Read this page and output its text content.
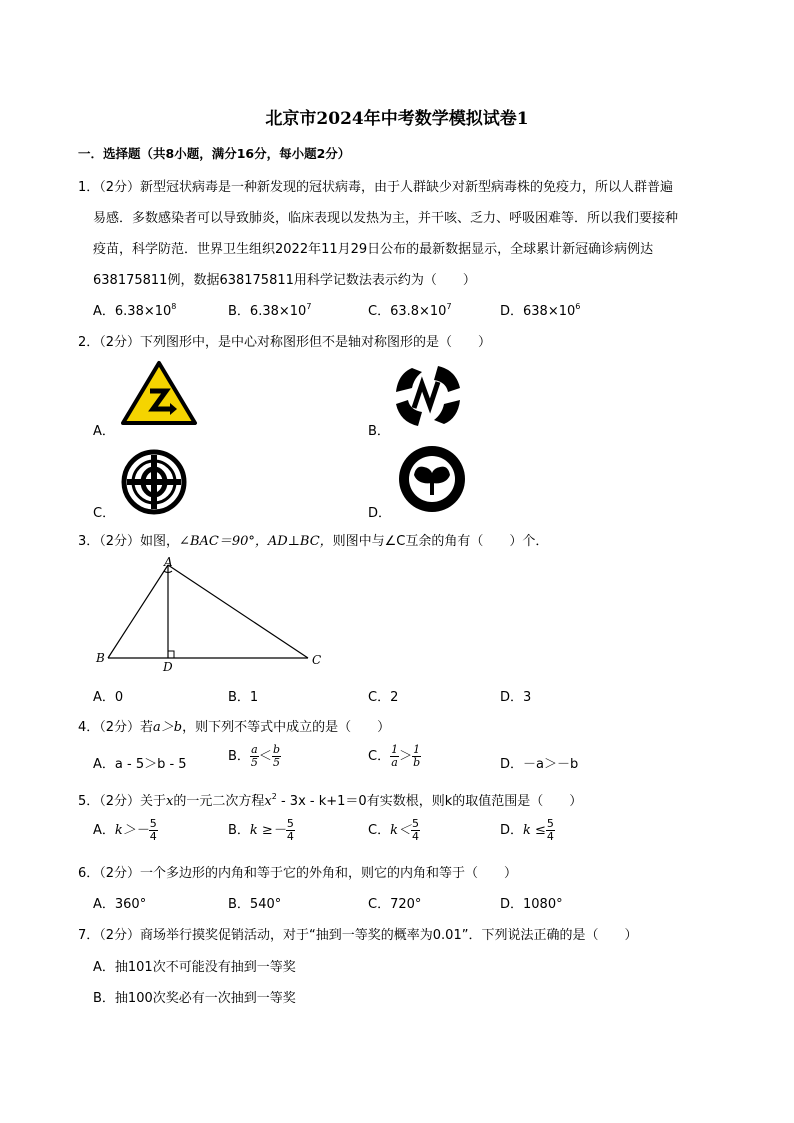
北京市2024年中考数学模拟试卷1
一．选择题（共8小题，满分16分，每小题2分）
1．（2分）新型冠状病毒是一种新发现的冠状病毒，由于人群缺少对新型病毒株的免疫力，所以人群普遍
易感．多数感染者可以导致肺炎，临床表现以发热为主，并干咳、乏力、呼吸困难等．所以我们要接种
疫苗，科学防范．世界卫生组织2022年11月29日公布的最新数据显示，全球累计新冠确诊病例达
638175811例，数据638175811用科学记数法表示约为（　　）
A．$6.38\times 10^8$	B．$6.38\times 10^7$	C．$63.8\times 10^7$	D．$638\times 10^6$
2．（2分）下列图形中，是中心对称图形但不是轴对称图形的是（　　）
A．	B．
C．	D．
3．（2分）如图，∠BAC＝90°，AD⊥BC，则图中与∠C互余的角有（　　）个．
A
B	C
D
A．0	B．1	C．2	D．3
4．（2分）若a＞b，则下列不等式中成立的是（　　）
A．a - 5＞b - 5
B． $\frac{a}{5} < \frac{b}{5}$	C． $\frac{1}{a} > \frac{1}{b}$	D．－a＞－b
5．（2分）关于x的一元二次方程$x^2 - 3x - k+1=0$有实数根，则k的取值范围是（　　）
A．$k>- \frac{5}{4}$	B．$k \ge- \frac{5}{4}$	C．$k< \frac{5}{4}$	D．$k \le \frac{5}{4}$
6．（2分）一个多边形的内角和等于它的外角和，则它的内角和等于（　　）
A．360°	B．540°	C．720°	D．1080°
7．（2分）商场举行摸奖促销活动，对于“抽到一等奖的概率为0.01”．下列说法正确的是（　　）
A．抽101次不可能没有抽到一等奖
B．抽100次奖必有一次抽到一等奖
